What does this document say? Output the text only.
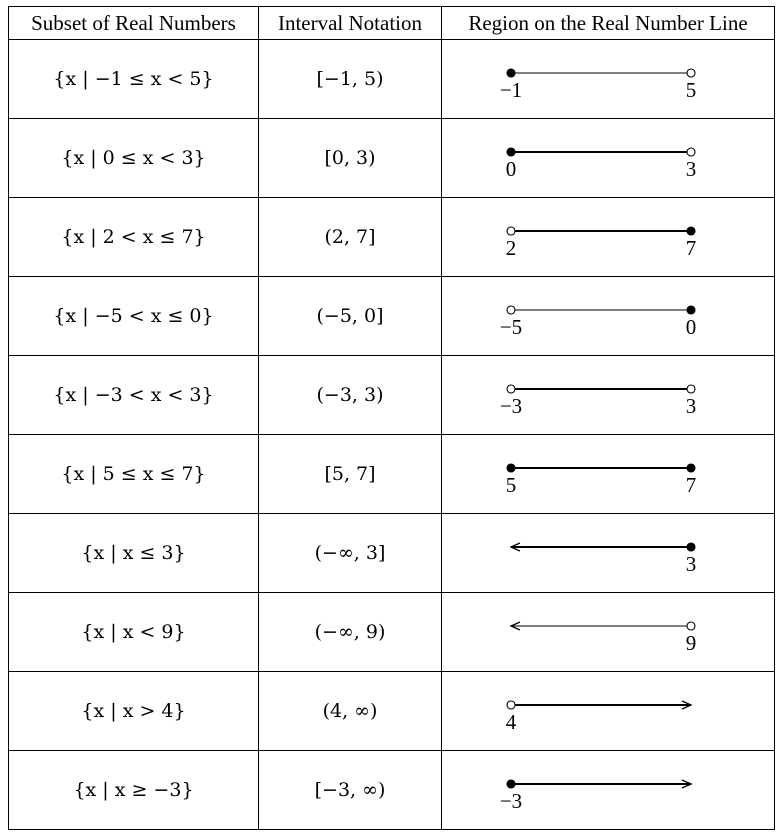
Subset of Real Numbers	Interval Notation	Region on the Real Number Line
{x | −1 ≤ x < 5}	[−1, 5)	−1 5

{x | 0 ≤ x < 3}	[0, 3)	0 3

{x | 2 < x ≤ 7}	(2, 7]	2 7

{x | −5 < x ≤ 0}	(−5, 0]	−5 0

{x | −3 < x < 3}	(−3, 3)	−3 3

{x | 5 ≤ x ≤ 7}	[5, 7]	5 7

{x | x ≤ 3}	(−∞, 3]	3

{x | x < 9}	(−∞, 9)	9

{x | x > 4}	(4, ∞)	4

{x | x ≥ −3}	[−3, ∞)	−3
